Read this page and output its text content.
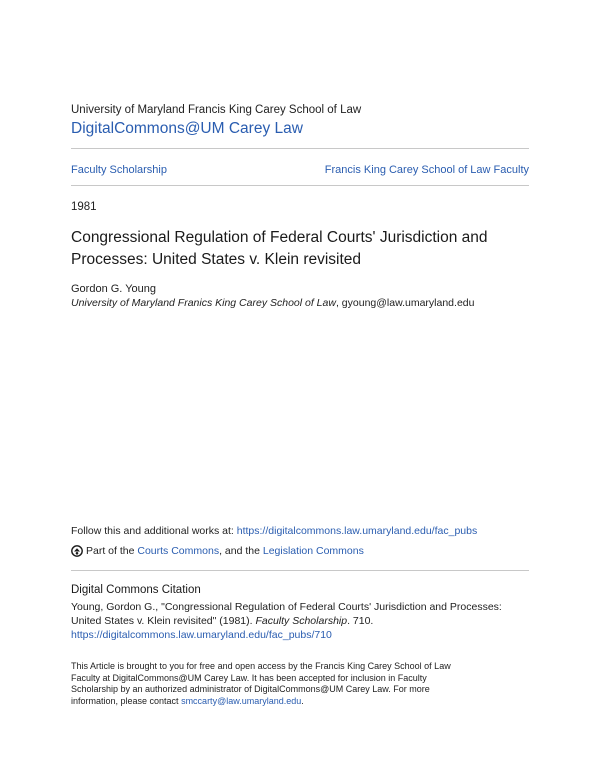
University of Maryland Francis King Carey School of Law
DigitalCommons@UM Carey Law
Faculty Scholarship	Francis King Carey School of Law Faculty
1981
Congressional Regulation of Federal Courts' Jurisdiction and Processes: United States v. Klein revisited
Gordon G. Young
University of Maryland Franics King Carey School of Law, gyoung@law.umaryland.edu
Follow this and additional works at: https://digitalcommons.law.umaryland.edu/fac_pubs
Part of the
Courts Commons , and the
Legislation Commons
Digital Commons Citation
Young, Gordon G., "Congressional Regulation of Federal Courts' Jurisdiction and Processes: United States v. Klein revisited" (1981). Faculty Scholarship. 710.
https://digitalcommons.law.umaryland.edu/fac_pubs/710
This Article is brought to you for free and open access by the Francis King Carey School of Law Faculty at DigitalCommons@UM Carey Law. It has been accepted for inclusion in Faculty Scholarship by an authorized administrator of DigitalCommons@UM Carey Law. For more information, please contact smccarty@law.umaryland.edu.
